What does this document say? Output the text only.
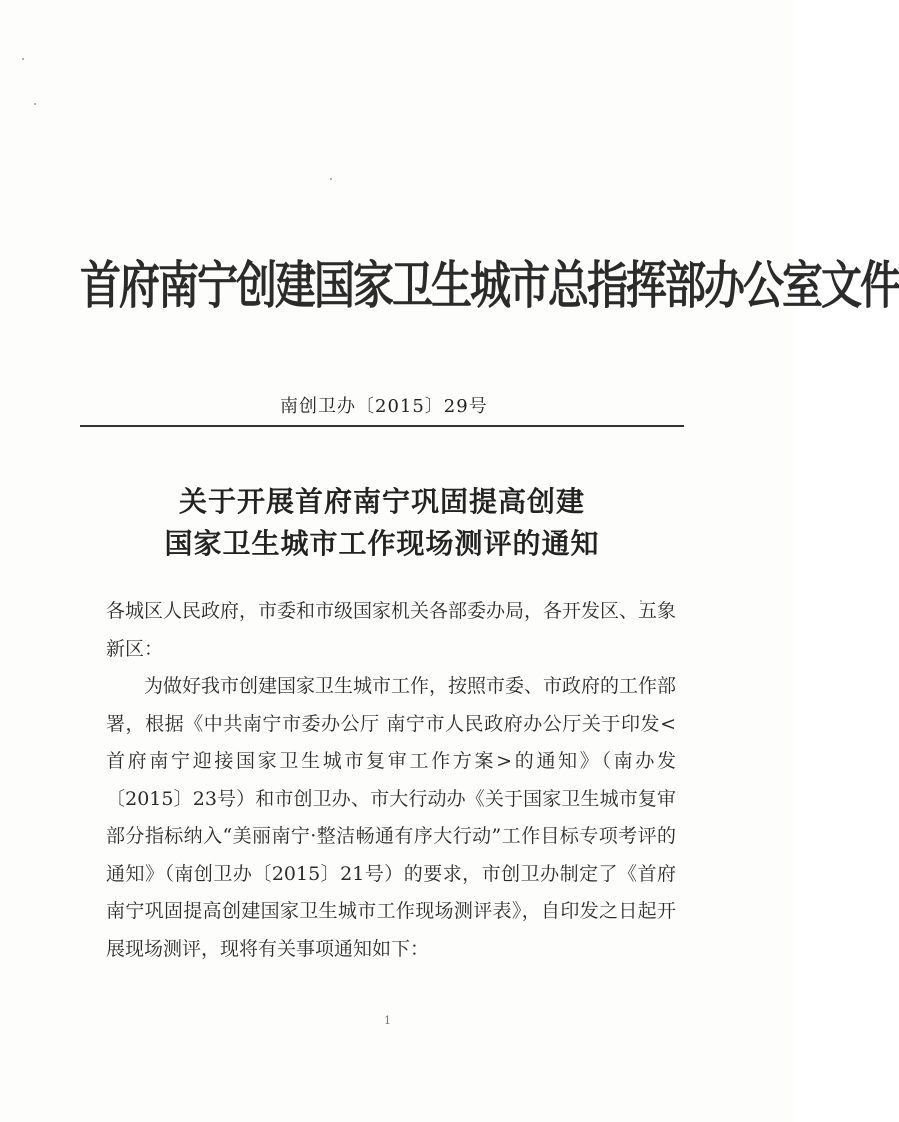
首府南宁创建国家卫生城市总指挥部办公室文件
南创卫办〔2015〕29号
关于开展首府南宁巩固提高创建
国家卫生城市工作现场测评的通知

各城区人民政府，市委和市级国家机关各部委办局，各开发区、五象新区：

为做好我市创建国家卫生城市工作，按照市委、市政府的工作部署，根据《中共南宁市委办公厅 南宁市人民政府办公厅关于印发<首府南宁迎接国家卫生城市复审工作方案>的通知》（南办发〔2015〕23号）和市创卫办、市大行动办《关于国家卫生城市复审部分指标纳入“美丽南宁·整洁畅通有序大行动”工作目标专项考评的通知》（南创卫办〔2015〕21号）的要求，市创卫办制定了《首府南宁巩固提高创建国家卫生城市工作现场测评表》，自印发之日起开展现场测评，现将有关事项通知如下：

1
